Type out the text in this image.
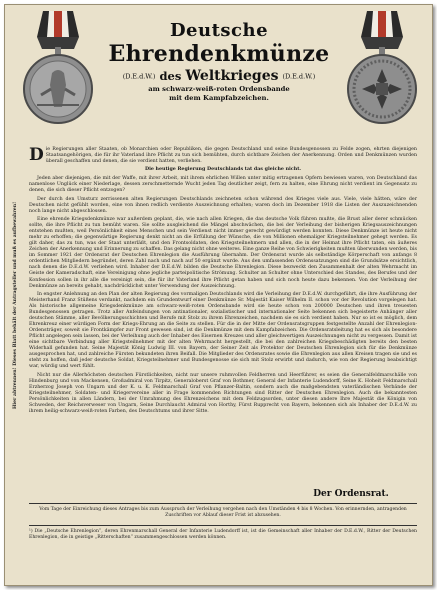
Deutsche
Ehrendenkmünze
(D.E.d.W.) des Weltkrieges (D.E.d.W.)
am schwarz-weiß-roten Ordensbande
mit dem Kampfabzeichen.
Hier abtrennen! Dieses Blatt behält der Antragsteller und muß es aufbewahren!

Die Regierungen aller Staaten, ob Monarchien oder Republiken, die gegen Deutschland und seine Bundesgenossen zu Felde zogen, ehrten diejenigen Staatsangehörigen, die für ihr Vaterland ihre Pflicht zu tun sich bemühten, durch sichtbare Zeichen der Anerkennung. Orden und Denkmünzen wurden überall geschaffen und denen, die sie verdient hatten, verliehen.

Die heutige Regierung Deutschlands tat das gleiche nicht.

Jeden aber diejenigen, die mit der Waffe, mit ihrer Arbeit, mit ihrem ehrlichen Willen unter mitig ertragenen Opfern bewiesen waren, von Deutschland das namenlose Unglück einer Niederlage, dessen zerschmetternde Wucht jeden Tag deutlicher zeigt, fern zu halten, eine Ehrung nicht verdient im Gegensatz zu denen, die sich dieser Pflicht entzogen?

Der durch den Umsturz zerrissenen alten Regierungen Deutschlands zeichneten schon während des Krieges viele aus. Viele, viele hätten, wäre der Deutschen nicht gefühlt worden, eine von ihnen redlich verdiente Auszeichnung erhalten; waren doch im Dezember 1918 die Listen der Auszuzeichnenden noch lange nicht abgeschlossen.

Eine ehrende Kriegsdenkmünze war außerdem geplant, die, wie nach allen Kriegen, die das deutsche Volk führen mußte, die Brust aller derer schmücken sollte, die ihre Pflicht zu tun bemüht waren. Sie sollte ausgleichend die Mängel abschwächen, die bei der Verleihung der bisherigen Kriegsauszeichnungen entstehen mußten, weil Persönlichkeit eines Menschen und sein Verdienst nicht immer gerecht gewürdigt werden konnten. Diese Denkmünze ist heute nicht mehr zu erhoffen; die gegenwärtige Regierung denkt nicht an die Erfüllung der Wünsche, die von Millionen ehemaliger Kriegsteilnehmer gehegt werden. Es gilt daher, das zu tun, was der Staat unterläßt, und den Frontsoldaten, den Kriegsteilnehmern und allen, die in der Heimat ihre Pflicht taten, ein äußeres Zeichen der Anerkennung und Erinnerung zu schaffen. Das gelang nicht ohne weiteres. Eine ganze Reihe von Schwierigkeiten mußten überwunden werden, bis im Sommer 1921 der Ordensrat der Deutschen Ehrenlegion die Ausführung übernahm. Der Ordensrat wurde als selbständige Körperschaft von anfangs 8 ordentlichen Mitgliedern begründet, deren Zahl nach und nach auf 50 ergänzt wurde. Aus den umfassenden Ordenssatzungen sind die Grundsätze ersichtlich, nach denen die D.E.d.W. verliehen wird. Inhaber der D.E.d.W. bilden die Deutsche Ehrenlegion. Diese bezweckt den Zusammenhalt der alten Wehrmacht im Geiste der Kameradschaft, eine Vereinigung ohne jegliche parteipolitische Strömung. Schulter an Schulter ohne Unterschied des Standes, des Berufes und der Konfession sollen in ihr alle die vereinigt sein, die für ihr Vaterland ihre Pflicht getan haben und sich noch heute dazu bekennen. Von der Verleihung der Denkmünze an bereits gehabt, nachdrücklichst unter Verwendung der Auszeichnung.

In engster Anlehnung an den Plan der alten Regierung des vormaligen Deutschlands wird die Verleihung der D.E.d.W. durchgeführt, die ihre Ausführung der Meisterhand Franz Stüßens verdankt, nachdem ein Grundentwurf einer Denkmünze Sr. Majestät Kaiser Wilhelm II. schon vor der Revolution vorgelegen hat. Als historische allgemeine Kriegsdenkmünze am schwarz-weiß-roten Ordensbande wird sie heute schon von 200000 Deutschen und ihren treuesten Bundesgenossen getragen. Trotz aller Anfeindungen von antinationaler, sozialistischer und internationaler Seite bekennen sich begeisterte Anhänger aller deutschen Stämme, aller Bevölkerungsschichten und Berufe mit Stolz zu ihrem Ehrenzeichen, nachdem sie es sich verdient haben. Nur so ist es möglich, dem Ehrenkreuz einer würdigen Form der Kriegs-Ehrung an die Seite zu stellen. Für die in der Mitte der Ordensratsgruppen festgestellte Anzahl der Ehrenlegion-Ordensträger, soweit sie Frontkämpfer zur Front gewesen sind, ist die Denkmünze mit dem Kampfabzeichen. Die Ordensratsleitung hat es sich als besondere Pflicht angelegen sein lassen, bei der Verleihung auch der Inhaber des Eisernen Kreuzes und aller gleichwertigen Auszeichnungen nicht zu vergessen. Damit ist eine sichtbare Verbindung aller Kriegsteilnehmer mit der alten Wehrmacht hergestellt, die bei den zahlreichen Kriegsbeschädigten bereits den besten Widerhall gefunden hat. Seine Majestät König Ludwig III. von Bayern, der Seiner Zeit als Protektor der Deutschen Ehrenlegion sich für die Denkmünze ausgesprochen hat, und zahlreiche Fürsten bekundeten ihren Beifall. Die Mitglieder des Ordensrates sowie die Ehrenlegion aus allen Kreisen tragen sie und es steht zu hoffen, daß jeder deutsche Soldat, Kriegsteilnehmer und Bundesgenosse sie sich mit Stolz erwirbt und dadurch, wie von der Regierung beabsichtigt war, würdig und wert fühlt.

Nicht nur die Allerhöchsten deutschen Fürstlichkeiten, nicht nur unsere ruhmvollen Feldherren und Heerführer, es seien die Generalfeldmarschälle von Hindenburg und von Mackensen, Großadmiral von Tirpitz, Generaloberst Graf von Bothmer, General der Infanterie Ludendorff, Seine K. Hoheit Feldmarschall Erzherzog Joseph von Ungarn und der K. u. K. Feldmarschall Graf von Pflanzer-Baltin, sondern auch die maßgebendsten vaterländischen Verbände der Kriegsteilnehmer, Soldaten- und Kriegervereine aller in Frage kommenden Richtungen sind Ritter der Deutschen Ehrenlegion. Auch die bekanntesten Persönlichkeiten in allen Ländern, bei der Umrahmung des Ehrenzeichens mit dem Feldzugsorden, unter diesen andere Ihre Majestät die Königin von Schweden, der Reichsverweser von Ungarn, Seine Durchlaucht Admiral von Horthy, Fürst Rupprecht von Bayern, bekennen sich als Inhaber der D.E.d.W. zu ihrem heilig-schwarz-weiß-roten Farben, des Deutschtums und ihrer Sitte.

Der Ordensrat.
Vom Tage der Einreichung dieses Antrages bis zum Ausspruch der Verleihung vergehen nach den Umständen 4 bis 8 Wochen. Von erinnernden, antragenden Zuschriften vor Ablauf dieser Frist ist abzusehen.
¹) Die „Deutsche Ehrenlegion“, deren Ehrenmarschall General der Infanterie Ludendorff ist, ist die Gemeinschaft aller Inhaber der D.E.d.W., Ritter der Deutschen Ehrenlegion, die in geistige „Ritterschaften“ zusammengeschlossen werden können.
